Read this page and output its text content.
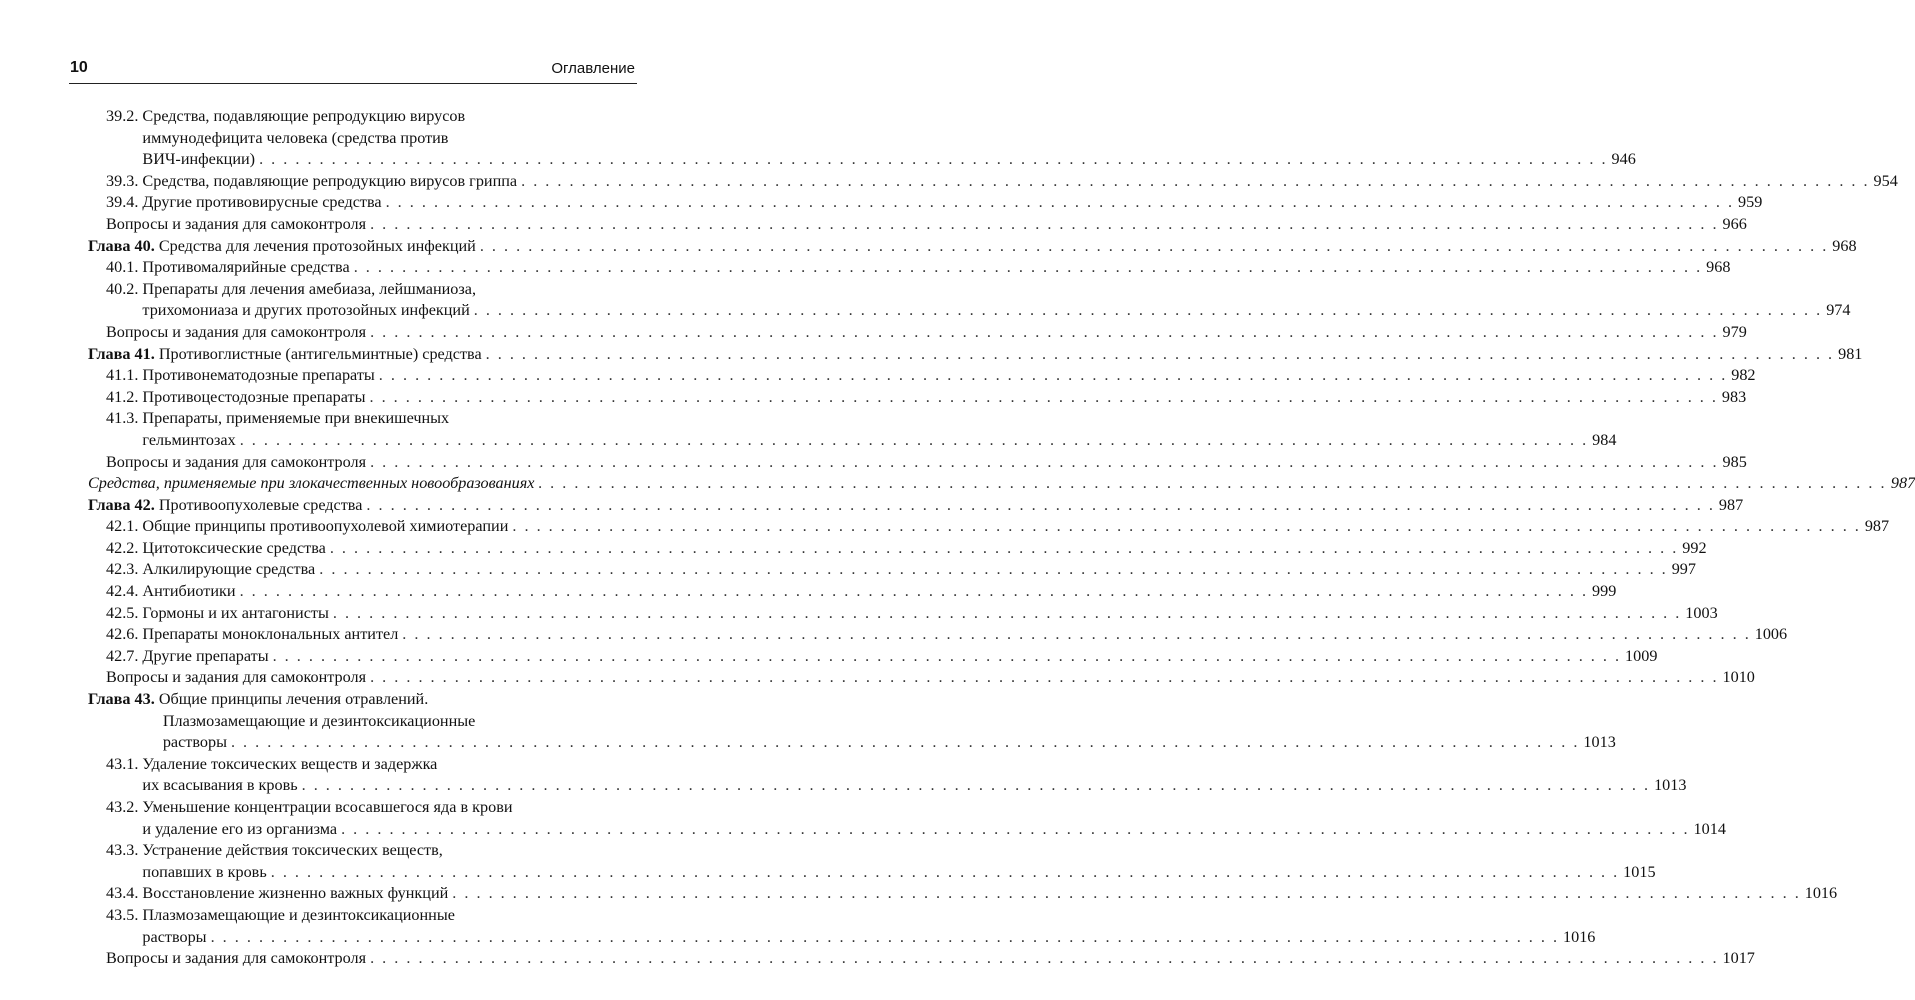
10	Оглавление
39.2. Средства, подавляющие репродукцию вирусов
иммунодефицита человека (средства против
ВИЧ-инфекции) . . .	946
39.3. Средства, подавляющие репродукцию вирусов гриппа . . .	954
39.4. Другие противовирусные средства . . .	959
Вопросы и задания для самоконтроля . . .	966
Глава 40. Средства для лечения протозойных инфекций . . .	968
40.1. Противомалярийные средства . . .	968
40.2. Препараты для лечения амебиаза, лейшманиоза,
трихомониаза и других протозойных инфекций . . .	974
Вопросы и задания для самоконтроля . . .	979
Глава 41. Противоглистные (антигельминтные) средства . . .	981
41.1. Противонематодозные препараты . . .	982
41.2. Противоцестодозные препараты . . .	983
41.3. Препараты, применяемые при внекишечных
гельминтозах . . .	984
Вопросы и задания для самоконтроля . . .	985
Средства, применяемые при злокачественных новообразованиях . . .	987
Глава 42. Противоопухолевые средства . . .	987
42.1. Общие принципы противоопухолевой химиотерапии . . .	987
42.2. Цитотоксические средства . . .	992
42.3. Алкилирующие средства . . .	997
42.4. Антибиотики . . .	999
42.5. Гормоны и их антагонисты . . .	1003
42.6. Препараты моноклональных антител . . .	1006
42.7. Другие препараты . . .	1009
Вопросы и задания для самоконтроля . . .	1010
Глава 43. Общие принципы лечения отравлений.
Плазмозамещающие и дезинтоксикационные
растворы . . .	1013
43.1. Удаление токсических веществ и задержка
их всасывания в кровь . . .	1013
43.2. Уменьшение концентрации всосавшегося яда в крови
и удаление его из организма . . .	1014
43.3. Устранение действия токсических веществ,
попавших в кровь . . .	1015
43.4. Восстановление жизненно важных функций . . .	1016
43.5. Плазмозамещающие и дезинтоксикационные
растворы . . .	1016
Вопросы и задания для самоконтроля . . .	1017
